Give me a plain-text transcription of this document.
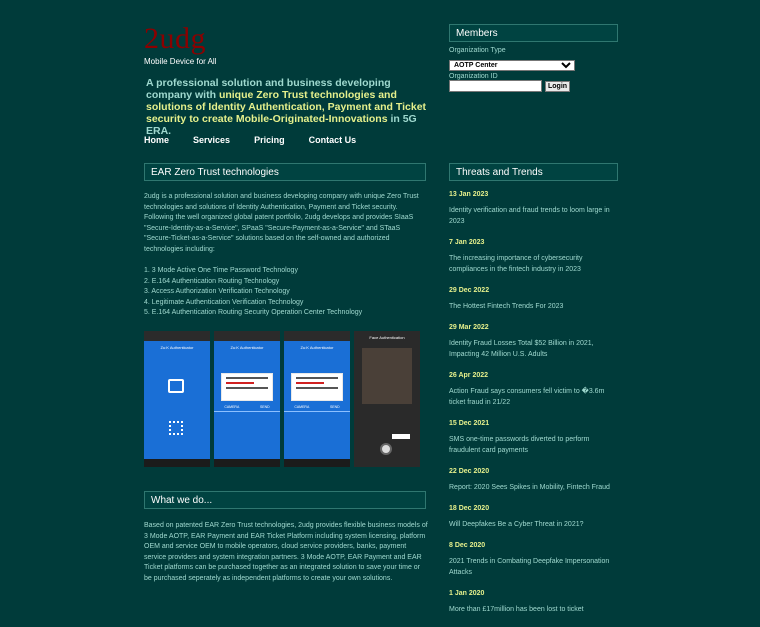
2udg
Mobile Device for All
A professional solution and business developing company with unique Zero Trust technologies and solutions of Identity Authentication, Payment and Ticket security to create Mobile-Originated-Innovations in 5G ERA.
Home	Services	Pricing	Contact Us
EAR Zero Trust technologies
2udg is a professional solution and business developing company with unique Zero Trust technologies and solutions of Identity Authentication, Payment and Ticket security. Following the well organized global patent portfolio, 2udg develops and provides SIaaS "Secure-Identity-as-a-Service", SPaaS "Secure-Payment-as-a-Service" and STaaS "Secure-Ticket-as-a-Service" solutions based on the self-owned and authorized technologies including:
1. 3 Mode Active One Time Password Technology
2. E.164 Authentication Routing Technology
3. Access Authorization Verification Technology
4. Legitimate Authentication Verification Technology
5. E.164 Authentication Routing Security Operation Center Technology
Zu:K Authenticator	Zu:K Authenticator
CAMERA	SEND
Zu:K Authenticator
CAMERA	SEND
Face Authentication
What we do...
Based on patented EAR Zero Trust technologies, 2udg provides flexible business models of 3 Mode AOTP, EAR Payment and EAR Ticket Platform including system licensing, platform OEM and service OEM to mobile operators, cloud service providers, banks, payment service providers and system integration partners. 3 Mode AOTP, EAR Payment and EAR Ticket platforms can be purchased together as an integrated solution to save your time or be purchased seperately as independent platforms to create your own solutions.
Members
Organization Type
AOTP Center
Organization ID
Login
Threats and Trends
13 Jan 2023
Identity verification and fraud trends to loom large in 2023
7 Jan 2023
The increasing importance of cybersecurity compliances in the fintech industry in 2023
29 Dec 2022
The Hottest Fintech Trends For 2023
29 Mar 2022
Identity Fraud Losses Total $52 Billion in 2021, Impacting 42 Million U.S. Adults
26 Apr 2022
Action Fraud says consumers fell victim to �3.6m ticket fraud in 21/22
15 Dec 2021
SMS one-time passwords diverted to perform fraudulent card payments
22 Dec 2020
Report: 2020 Sees Spikes in Mobility, Fintech Fraud
18 Dec 2020
Will Deepfakes Be a Cyber Threat in 2021?
8 Dec 2020
2021 Trends in Combating Deepfake Impersonation Attacks
1 Jan 2020
More than £17million has been lost to ticket
